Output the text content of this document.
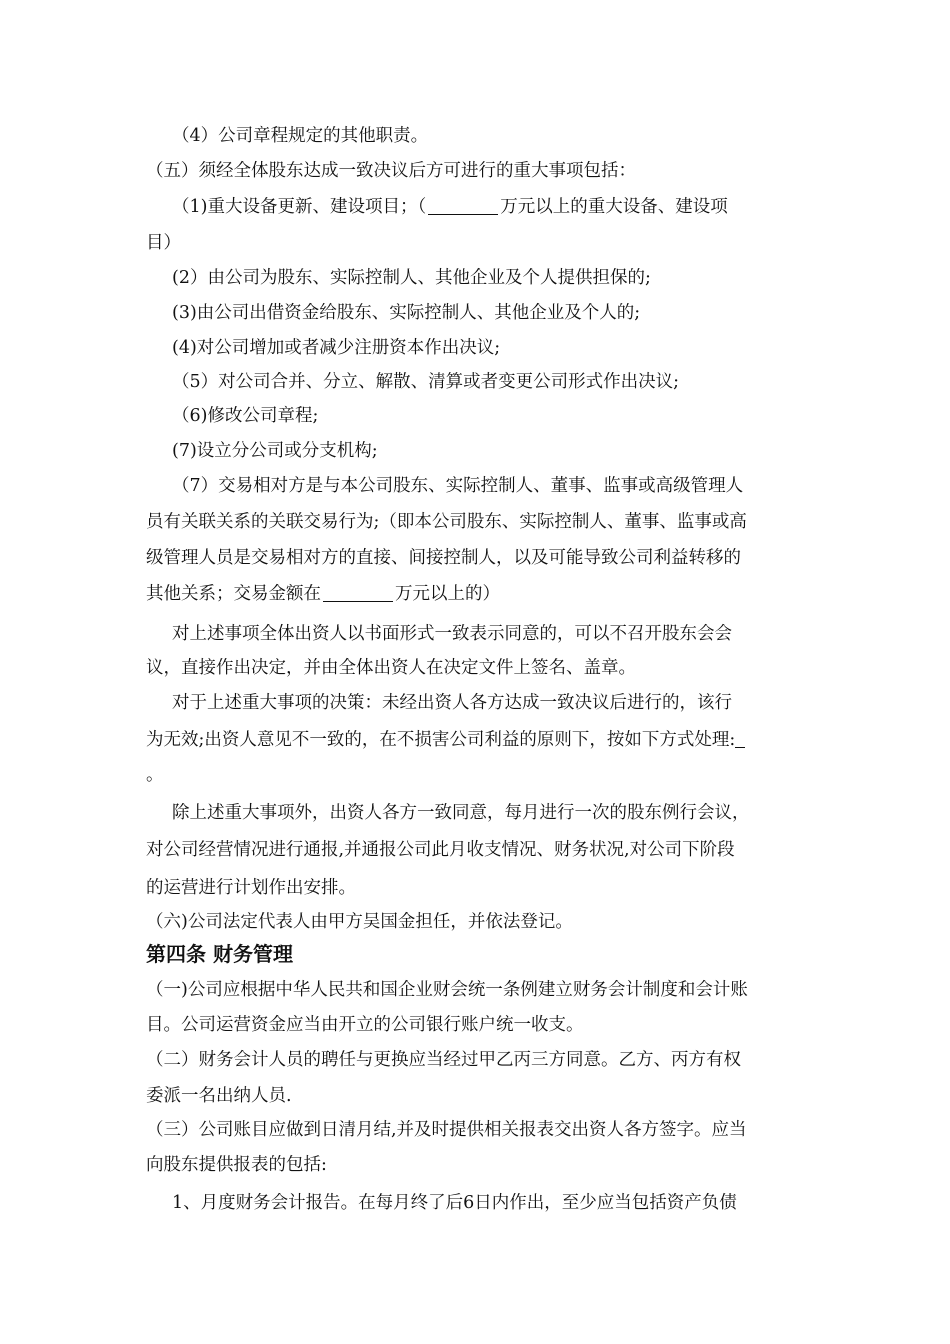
（4）公司章程规定的其他职责。
（五）须经全体股东达成一致决议后方可进行的重大事项包括：
（1)重大设备更新、建设项目；（	万元以上的重大设备、建设项
目）
(2）由公司为股东、实际控制人、其他企业及个人提供担保的;
(3)由公司出借资金给股东、实际控制人、其他企业及个人的;
(4)对公司增加或者减少注册资本作出决议;
（5）对公司合并、分立、解散、清算或者变更公司形式作出决议;
（6)修改公司章程;
(7)设立分公司或分支机构;
（7）交易相对方是与本公司股东、实际控制人、董事、监事或高级管理人
员有关联关系的关联交易行为;（即本公司股东、实际控制人、董事、监事或高
级管理人员是交易相对方的直接、间接控制人，以及可能导致公司利益转移的
其他关系；交易金额在	万元以上的）
对上述事项全体出资人以书面形式一致表示同意的，可以不召开股东会会
议，直接作出决定，并由全体出资人在决定文件上签名、盖章。
对于上述重大事项的决策：未经出资人各方达成一致决议后进行的，该行
为无效;出资人意见不一致的，在不损害公司利益的原则下，按如下方式处理:
。
除上述重大事项外，出资人各方一致同意，每月进行一次的股东例行会议，
对公司经营情况进行通报,并通报公司此月收支情况、财务状况,对公司下阶段
的运营进行计划作出安排。
（六)公司法定代表人由甲方吴国金担任，并依法登记。
第四条 财务管理
（一)公司应根据中华人民共和国企业财会统一条例建立财务会计制度和会计账
目。公司运营资金应当由开立的公司银行账户统一收支。
（二）财务会计人员的聘任与更换应当经过甲乙丙三方同意。乙方、丙方有权
委派一名出纳人员.
（三）公司账目应做到日清月结,并及时提供相关报表交出资人各方签字。应当
向股东提供报表的包括:
1、月度财务会计报告。在每月终了后6日内作出，至少应当包括资产负债
